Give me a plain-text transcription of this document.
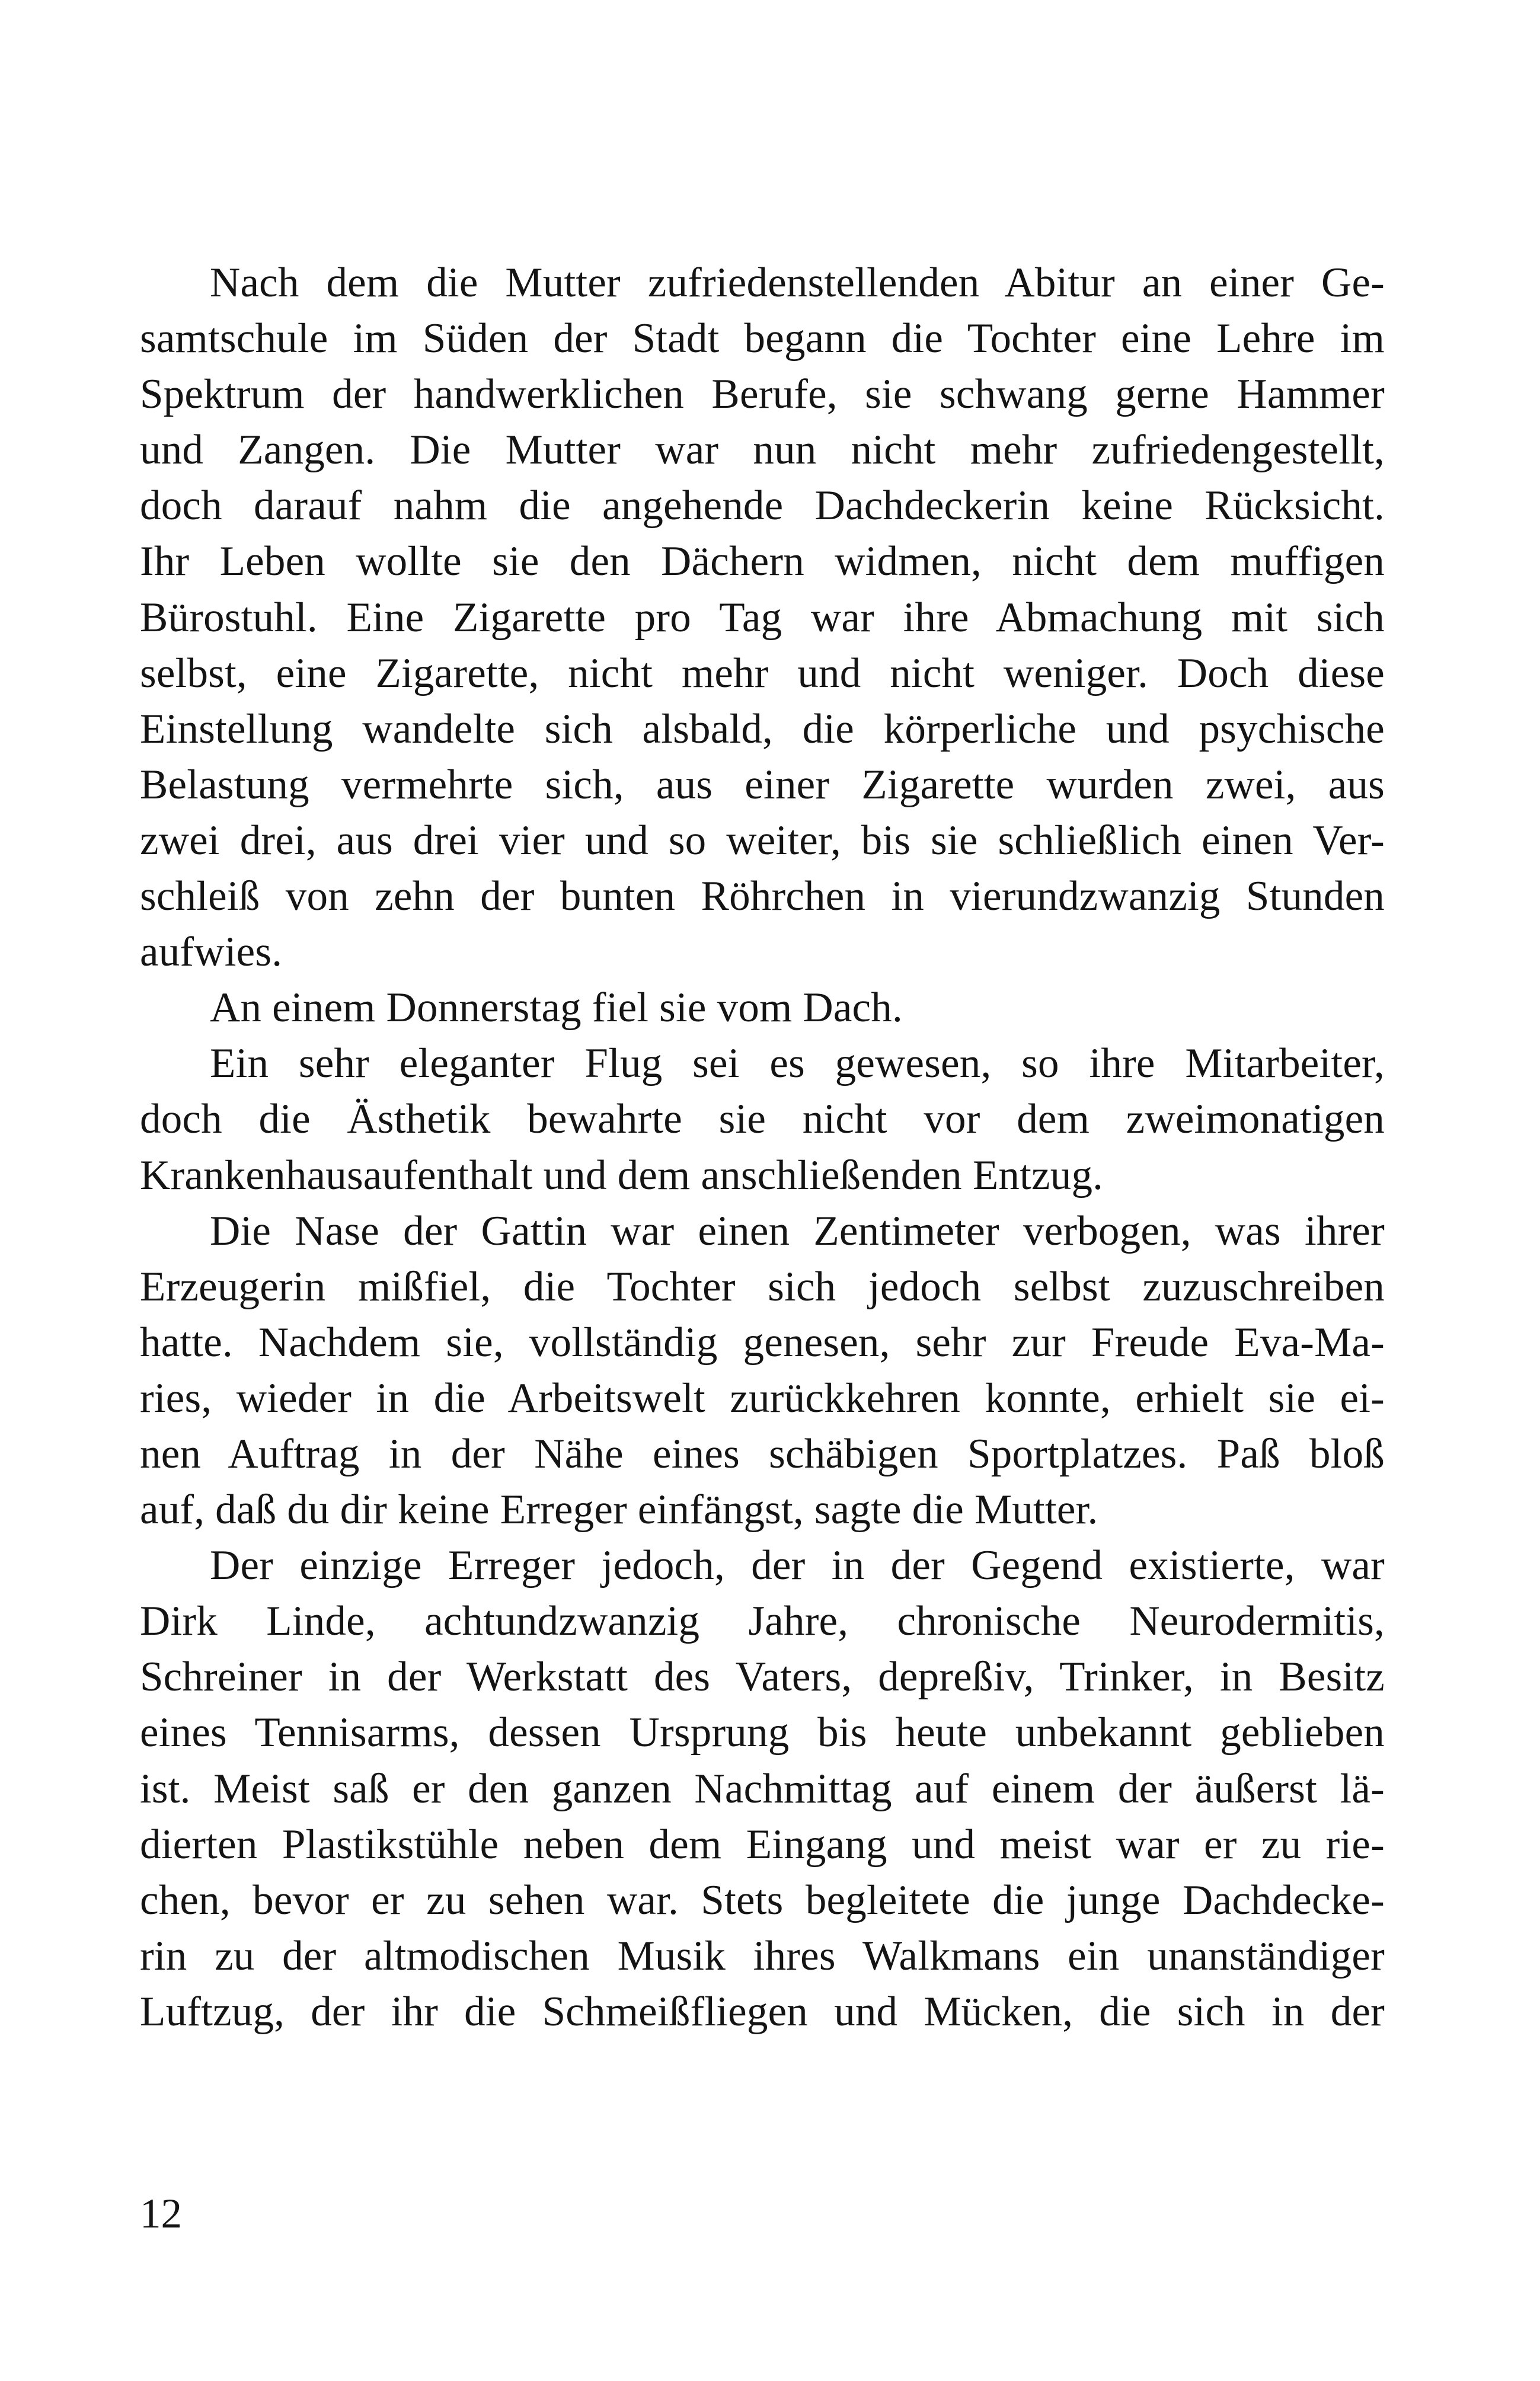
Nach dem die Mutter zufriedenstellenden Abitur an einer Ge-
samtschule im Süden der Stadt begann die Tochter eine Lehre im
Spektrum der handwerklichen Berufe, sie schwang gerne Hammer
und Zangen. Die Mutter war nun nicht mehr zufriedengestellt,
doch darauf nahm die angehende Dachdeckerin keine Rücksicht.
Ihr Leben wollte sie den Dächern widmen, nicht dem muffigen
Bürostuhl. Eine Zigarette pro Tag war ihre Abmachung mit sich
selbst, eine Zigarette, nicht mehr und nicht weniger. Doch diese
Einstellung wandelte sich alsbald, die körperliche und psychische
Belastung vermehrte sich, aus einer Zigarette wurden zwei, aus
zwei drei, aus drei vier und so weiter, bis sie schließlich einen Ver-
schleiß von zehn der bunten Röhrchen in vierundzwanzig Stunden
aufwies.
An einem Donnerstag fiel sie vom Dach.
Ein sehr eleganter Flug sei es gewesen, so ihre Mitarbeiter,
doch die Ästhetik bewahrte sie nicht vor dem zweimonatigen
Krankenhausaufenthalt und dem anschließenden Entzug.
Die Nase der Gattin war einen Zentimeter verbogen, was ihrer
Erzeugerin mißfiel, die Tochter sich jedoch selbst zuzuschreiben
hatte. Nachdem sie, vollständig genesen, sehr zur Freude Eva-Ma-
ries, wieder in die Arbeitswelt zurückkehren konnte, erhielt sie ei-
nen Auftrag in der Nähe eines schäbigen Sportplatzes. Paß bloß
auf, daß du dir keine Erreger einfängst, sagte die Mutter.
Der einzige Erreger jedoch, der in der Gegend existierte, war
Dirk Linde, achtundzwanzig Jahre, chronische Neurodermitis,
Schreiner in der Werkstatt des Vaters, depreßiv, Trinker, in Besitz
eines Tennisarms, dessen Ursprung bis heute unbekannt geblieben
ist. Meist saß er den ganzen Nachmittag auf einem der äußerst lä-
dierten Plastikstühle neben dem Eingang und meist war er zu rie-
chen, bevor er zu sehen war. Stets begleitete die junge Dachdecke-
rin zu der altmodischen Musik ihres Walkmans ein unanständiger
Luftzug, der ihr die Schmeißfliegen und Mücken, die sich in der
12
